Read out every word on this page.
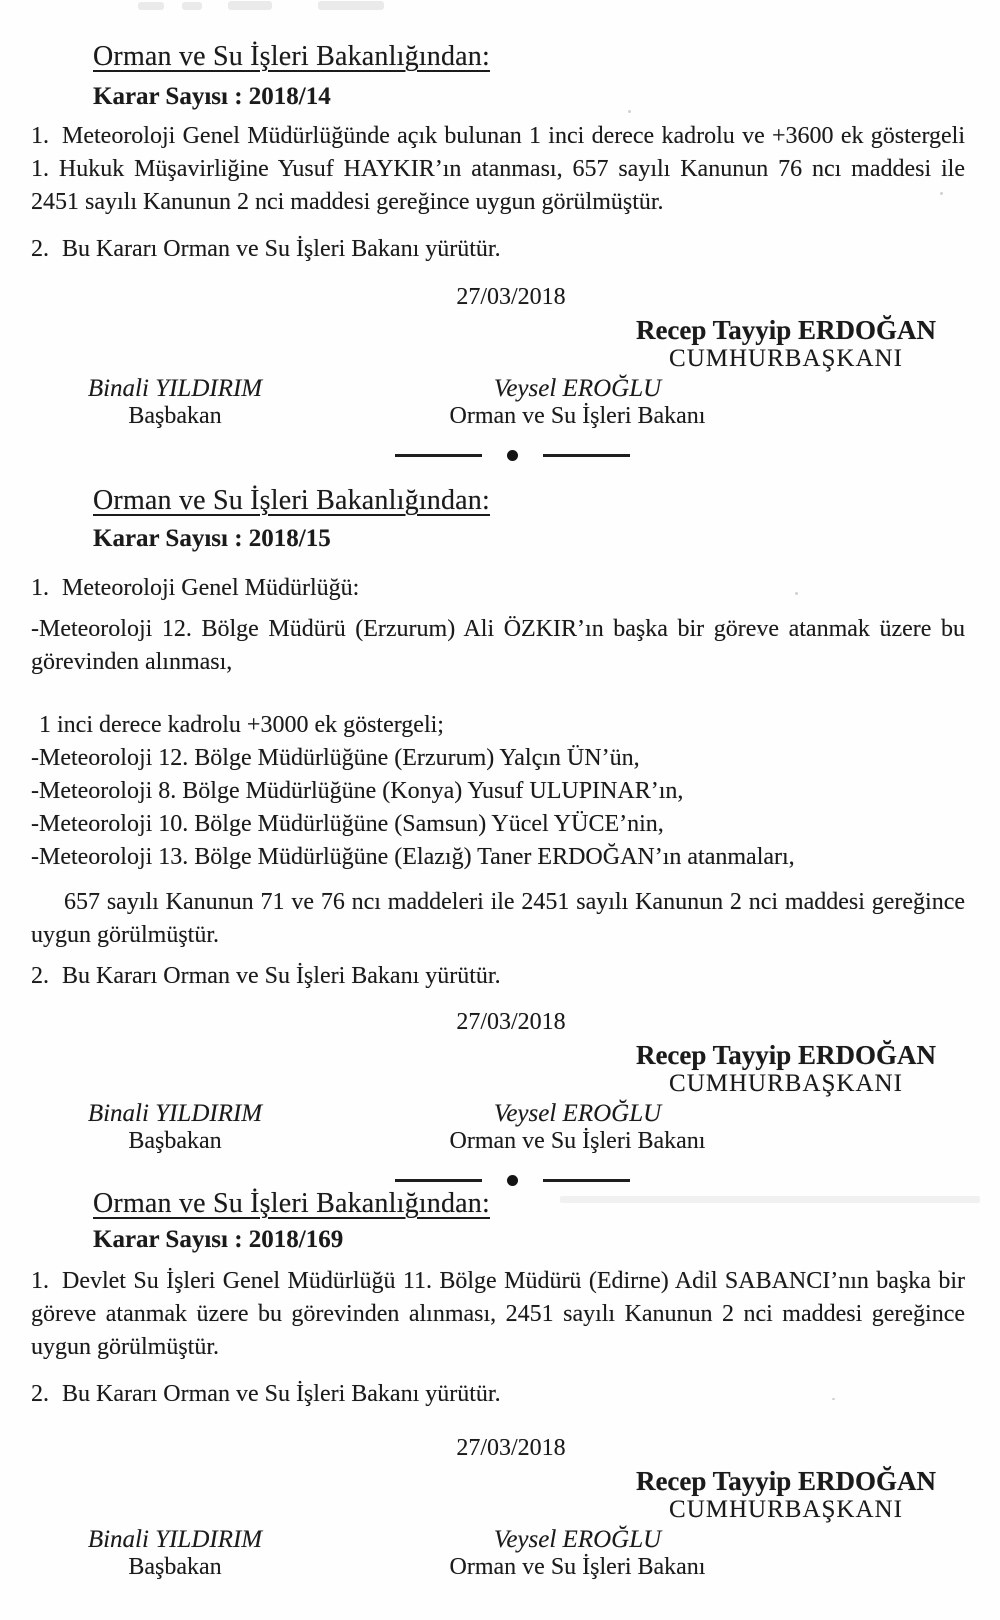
Orman ve Su İşleri Bakanlığından:
Karar Sayısı : 2018/14

1. Meteoroloji Genel Müdürlüğünde açık bulunan 1 inci derece kadrolu ve +3600 ek göstergeli 1. Hukuk Müşavirliğine Yusuf HAYKIR’ın atanması, 657 sayılı Kanunun 76 ncı maddesi ile 2451 sayılı Kanunun 2 nci maddesi gereğince uygun görülmüştür.

2. Bu Kararı Orman ve Su İşleri Bakanı yürütür.

27/03/2018
Recep Tayyip ERDOĞAN
CUMHURBAŞKANI
Binali YILDIRIM
Başbakan
Veysel EROĞLU
Orman ve Su İşleri Bakanı
Orman ve Su İşleri Bakanlığından:
Karar Sayısı : 2018/15

1. Meteoroloji Genel Müdürlüğü:

-Meteoroloji 12. Bölge Müdürü (Erzurum) Ali ÖZKIR’ın başka bir göreve atanmak üzere bu görevinden alınması,

1 inci derece kadrolu +3000 ek göstergeli;
-Meteoroloji 12. Bölge Müdürlüğüne (Erzurum) Yalçın ÜN’ün,
-Meteoroloji 8. Bölge Müdürlüğüne (Konya) Yusuf ULUPINAR’ın,
-Meteoroloji 10. Bölge Müdürlüğüne (Samsun) Yücel YÜCE’nin,
-Meteoroloji 13. Bölge Müdürlüğüne (Elazığ) Taner ERDOĞAN’ın atanmaları,

657 sayılı Kanunun 71 ve 76 ncı maddeleri ile 2451 sayılı Kanunun 2 nci maddesi gereğince uygun görülmüştür.

2. Bu Kararı Orman ve Su İşleri Bakanı yürütür.

27/03/2018
Recep Tayyip ERDOĞAN
CUMHURBAŞKANI
Binali YILDIRIM
Başbakan
Veysel EROĞLU
Orman ve Su İşleri Bakanı
Orman ve Su İşleri Bakanlığından:
Karar Sayısı : 2018/169

1. Devlet Su İşleri Genel Müdürlüğü 11. Bölge Müdürü (Edirne) Adil SABANCI’nın başka bir göreve atanmak üzere bu görevinden alınması, 2451 sayılı Kanunun 2 nci maddesi gereğince uygun görülmüştür.

2. Bu Kararı Orman ve Su İşleri Bakanı yürütür.

27/03/2018
Recep Tayyip ERDOĞAN
CUMHURBAŞKANI
Binali YILDIRIM
Başbakan
Veysel EROĞLU
Orman ve Su İşleri Bakanı
